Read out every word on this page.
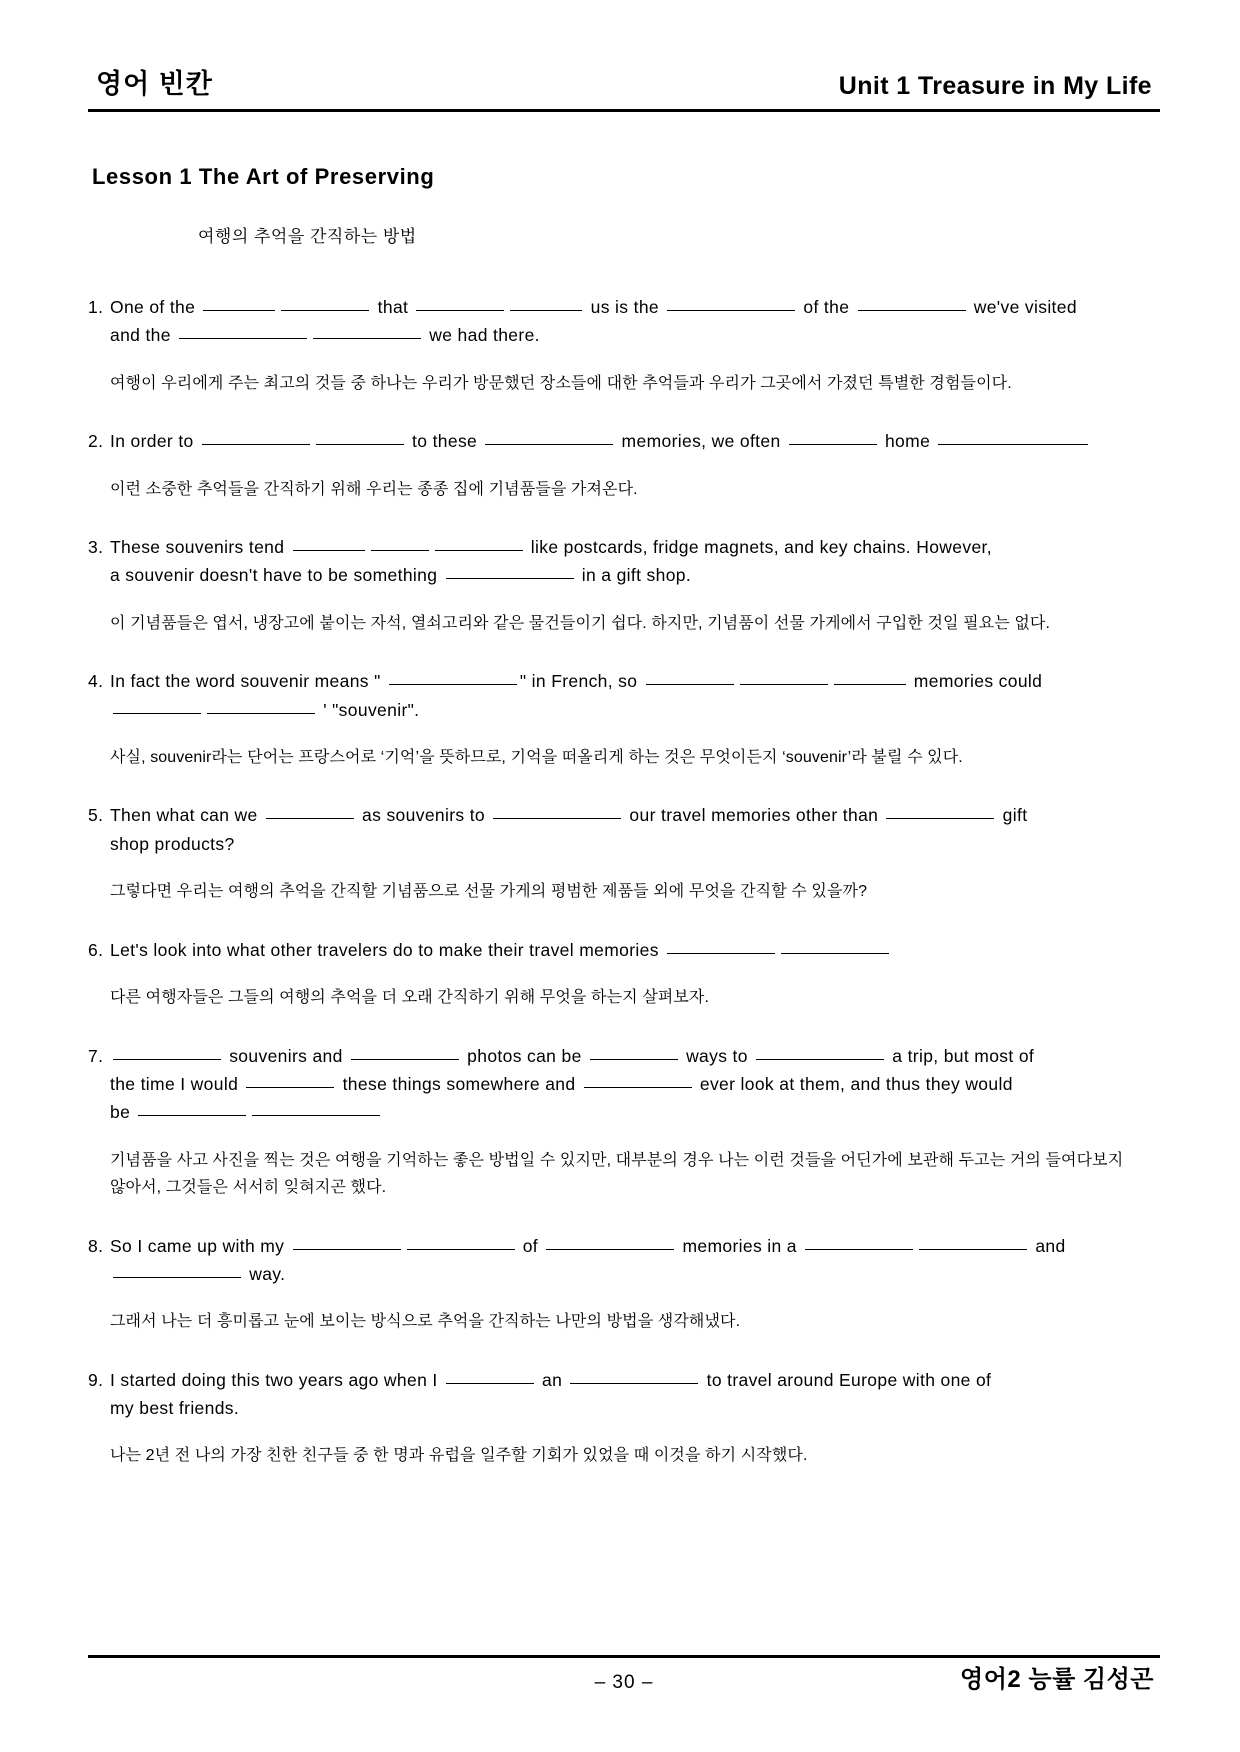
영어 빈칸	Unit 1 Treasure in My Life
Lesson 1 The Art of Preserving
여행의 추억을 간직하는 방법
1. One of the	that	us is the	of the	we've visited
and the	we had there.
여행이 우리에게 주는 최고의 것들 중 하나는 우리가 방문했던 장소들에 대한 추억들과 우리가 그곳에서 가졌던 특별한 경험들이다.
2. In order to	to these	memories, we often	home
이런 소중한 추억들을 간직하기 위해 우리는 종종 집에 기념품들을 가져온다.
3. These souvenirs tend	like postcards, fridge magnets, and key chains. However,
a souvenir doesn't have to be something	in a gift shop.
이 기념품들은 엽서, 냉장고에 붙이는 자석, 열쇠고리와 같은 물건들이기 쉽다. 하지만, 기념품이 선물 가게에서 구입한 것일 필요는 없다.
4. In fact the word souvenir means "	" in French, so	memories could
' "souvenir".
사실, souvenir라는 단어는 프랑스어로 ‘기억’을 뜻하므로, 기억을 떠올리게 하는 것은 무엇이든지 ‘souvenir’라 불릴 수 있다.
5. Then what can we	as souvenirs to	our travel memories other than	gift
shop products?
그렇다면 우리는 여행의 추억을 간직할 기념품으로 선물 가게의 평범한 제품들 외에 무엇을 간직할 수 있을까?
6. Let's look into what other travelers do to make their travel memories
다른 여행자들은 그들의 여행의 추억을 더 오래 간직하기 위해 무엇을 하는지 살펴보자.
7.	souvenirs and	photos can be	ways to	a trip, but most of
the time I would	these things somewhere and	ever look at them, and thus they would
be
기념품을 사고 사진을 찍는 것은 여행을 기억하는 좋은 방법일 수 있지만, 대부분의 경우 나는 이런 것들을 어딘가에 보관해 두고는 거의 들여다보지 않아서, 그것들은 서서히 잊혀지곤 했다.
8. So I came up with my	of	memories in a	and
way.
그래서 나는 더 흥미롭고 눈에 보이는 방식으로 추억을 간직하는 나만의 방법을 생각해냈다.
9. I started doing this two years ago when I	an	to travel around Europe with one of
my best friends.
나는 2년 전 나의 가장 친한 친구들 중 한 명과 유럽을 일주할 기회가 있었을 때 이것을 하기 시작했다.
– 30 –	영어2 능률 김성곤
